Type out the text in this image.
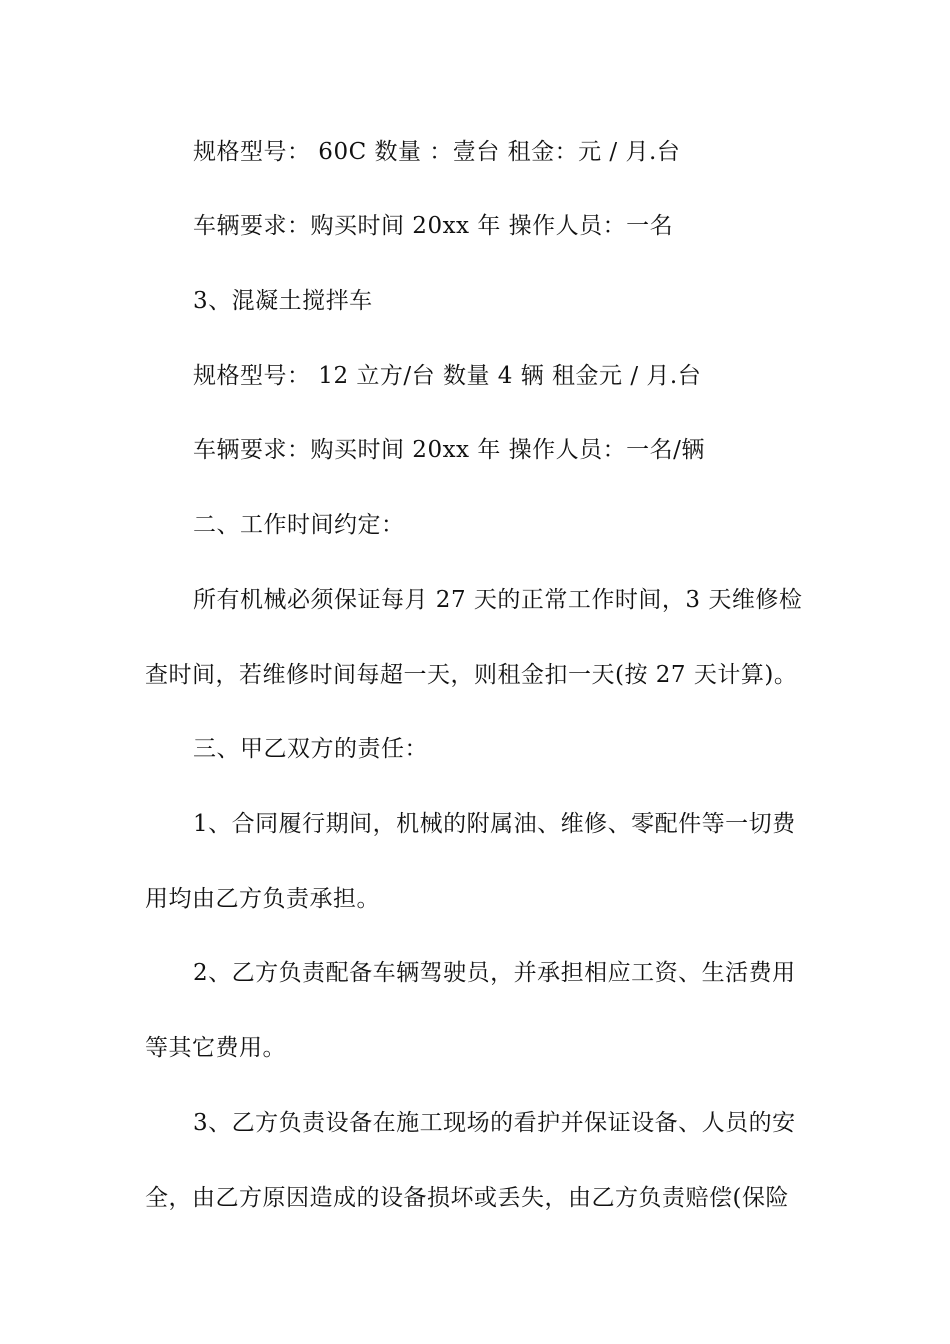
规格型号： 60C 数量 ：壹台 租金：元 / 月.台
车辆要求：购买时间 20xx 年 操作人员：一名
3、混凝土搅拌车
规格型号： 12 立方/台 数量 4 辆 租金元 / 月.台
车辆要求：购买时间 20xx 年 操作人员：一名/辆
二、工作时间约定：
所有机械必须保证每月 27 天的正常工作时间，3 天维修检
查时间，若维修时间每超一天，则租金扣一天(按 27 天计算)。
三、甲乙双方的责任：
1、合同履行期间，机械的附属油、维修、零配件等一切费
用均由乙方负责承担。
2、乙方负责配备车辆驾驶员，并承担相应工资、生活费用
等其它费用。
3、乙方负责设备在施工现场的看护并保证设备、人员的安
全，由乙方原因造成的设备损坏或丢失，由乙方负责赔偿(保险
